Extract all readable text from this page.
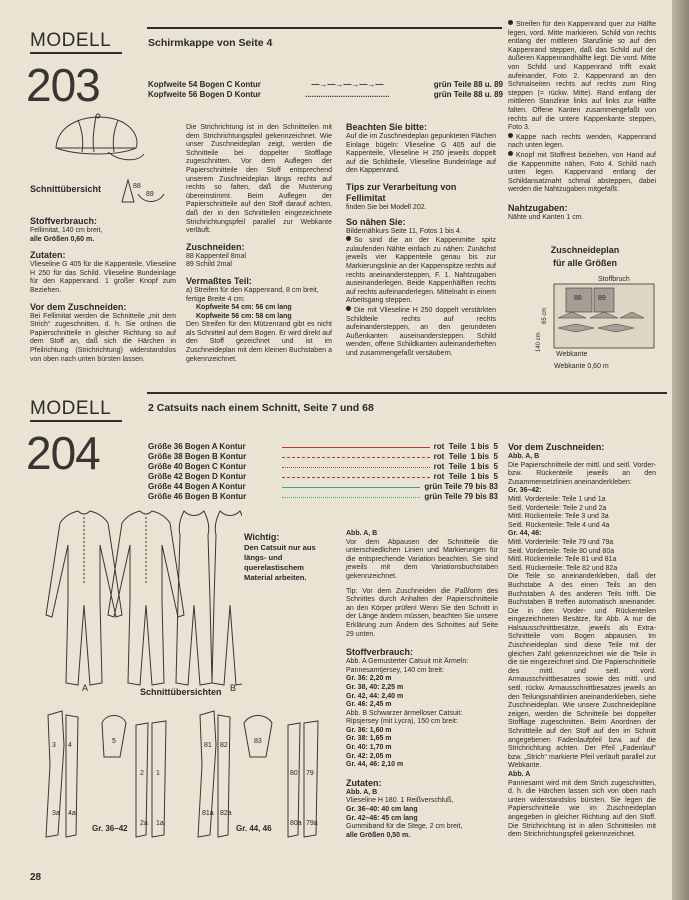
MODELL
203
Schirmkappe von Seite 4
Kopfweite 54 Bogen C Kontur	—→—→—→—→—	grün Teile 88 u. 89
Kopfweite 56 Bogen D Kontur	......................................	grün Teile 88 u. 89
Schnittübersicht	88
89
Stoffverbrauch:
Fellimitat, 140 cm breit,
alle Größen 0,60 m.
Zutaten:
Vlieseline G 405 für die Kappenteile, Vlieseline H 250 für das Schild. Vlieseline Bundeinlage für den Kappenrand. 1 großer Knopf zum Beziehen.
Vor dem Zuschneiden:
Bei Fellimitat werden die Schnitteile „mit dem Strich“ zugeschnitten, d. h. Sie ordnen die Papierschnitteile in gleicher Richtung so auf dem Stoff an, daß sich die Härchen in Pfeilrichtung (Strichrichtung) widerstandslos von oben nach unten bürsten lassen.
Die Strichrichtung ist in den Schnitteilen mit dem Strichrichtungspfeil gekennzeichnet. Wie unser Zuschneideplan zeigt, werden die Schnitteile bei doppelter Stofflage zugeschnitten. Vor dem Auflegen der Papierschnitteile den Stoff entsprechend unserem Zuschneideplan längs rechts auf rechts so falten, daß die Musterung übereinstimmt. Beim Auflegen der Papierschnitteile auf den Stoff darauf achten, daß der in den Schnitteilen eingezeichnete Strichrichtungspfeil parallel zur Webkante verläuft.
Zuschneiden:
88 Kappenteil 8mal
89 Schild 2mal
Vermaßtes Teil:
a) Streifen für den Kappenrand, 8 cm breit, fertige Breite 4 cm:
Kopfweite 54 cm: 56 cm lang
Kopfweite 56 cm: 58 cm lang
Den Streifen für den Mützenrand gibt es nicht als Schnitteil auf dem Bogen. Er wird direkt auf den Stoff gezeichnet und ist im Zuschneideplan mit dem kleinen Buchstaben a gekennzeichnet.
Beachten Sie bitte:
Auf die im Zuschneideplan gepunkteten Flächen Einlage bügeln: Vlieseline G 405 auf die Kappenteile, Vlieseline H 250 jeweils doppelt auf die Schildteile, Vlieseline Bundeinlage auf den Kappenrand.
Tips zur Verarbeitung von Fellimitat
finden Sie bei Modell 202.
So nähen Sie:
Bildernähkurs Seite 11, Fotos 1 bis 4.
So sind die an der Kappenmitte spitz zulaufenden Nähte einfach zu nähen: Zunächst jeweils vier Kappenteile genau bis zur Markierungslinie an der Kappenspitze rechts auf rechts aneinandersteppen, F. 1. Nahtzugaben auseinanderlegen. Beide Kappenhälften rechts auf rechts aufeinanderlegen. Mittelnaht in einem Arbeitsgang steppen.
Die mit Vlieseline H 250 doppelt verstärkten Schildteile rechts auf rechts aufeinandersteppen, an den gerundeten Außenkanten auseinandersteppen. Schild wenden, offene Schildkanten aufeinanderheften und zusammengefaßt versäubern.
Streifen für den Kappenrand quer zur Hälfte legen, vord. Mitte markieren. Schild von rechts entlang der mittleren Stanzlinie so auf den Kappenrand steppen, daß das Schild auf der äußeren Kappenrandhälfte liegt. Die vord. Mitte von Schild und Kappenrand trifft exakt aufeinander, Foto 2. Kappenrand an den Schmalseiten rechts auf rechts zum Ring steppen (= rückw. Mitte). Rand entlang der mittleren Stanzlinie links auf links zur Hälfte falten. Offene Kanten zusammengefaßt von rechts auf die untere Kappenkante steppen, Foto 3.
Kappe nach rechts wenden, Kappenrand nach unten legen.
Knopf mit Stoffrest beziehen, von Hand auf die Kappenmitte nähen, Foto 4. Schild nach unten legen. Kappenrand entlang der Schildansatznaht schmal absteppen, dabei werden die Nahtzugaben mitgefaßt.
Nahtzugaben:
Nähte und Kanten 1 cm.
Zuschneideplan
für alle Größen
Stoffbruch
88 89
Webkante
Webkante 0,60 m
65 cm
140 cm
MODELL
204
2 Catsuits nach einem Schnitt, Seite 7 und 68
Größe 36 Bogen A Kontur	rot  Teile  1 bis  5
Größe 38 Bogen B Kontur	rot  Teile  1 bis  5
Größe 40 Bogen C Kontur	rot  Teile  1 bis  5
Größe 42 Bogen D Kontur	rot  Teile  1 bis  5
Größe 44 Bogen A Kontur	grün Teile 79 bis 83
Größe 46 Bogen B Kontur	grün Teile 79 bis 83
A	B
Wichtig:
Den Catsuit nur aus längs- und querelastischem Material arbeiten.
Schnittübersichten
3 4
5
2 1
3a 4a
2a 1a
81 82
83
80 79
81a 82a
80a 79a
Gr. 36–42	Gr. 44, 46
Abb. A, B
Vor dem Abpausen der Schnitteile die unterschiedlichen Linien und Markierungen für die entsprechende Variation beachten. Sie sind jeweils mit dem Variationsbuchstaben gekennzeichnet.
Tip: Vor dem Zuschneiden die Paßform des Schnittes durch Anhalten der Papierschnitteile an den Körper prüfen! Wenn Sie den Schnitt in der Länge ändern müssen, beachten Sie unsere Erklärung zum Ändern des Schnittes auf Seite 29 unten.
Stoffverbrauch:
Abb. A Gemusterter Catsuit mit Ärmeln:
Pannesamtjersey, 140 cm breit:
Gr. 36: 2,20 m
Gr. 38, 40: 2,25 m
Gr. 42, 44: 2,40 m
Gr. 46: 2,45 m
Abb. B Schwarzer ärmelloser Catsuit:
Ripsjersey (mit Lycra), 150 cm breit:
Gr. 36: 1,60 m
Gr. 38: 1,65 m
Gr. 40: 1,70 m
Gr. 42: 2,05 m
Gr. 44, 46: 2,10 m
Zutaten:
Abb. A, B
Vlieseline H 180. 1 Reißverschluß,
Gr. 36–40: 40 cm lang
Gr. 42–46: 45 cm lang
Gummiband für die Stege, 2 cm breit,
alle Größen 0,50 m.
Vor dem Zuschneiden:
Abb. A, B
Die Papierschnitteile der mittl. und seitl. Vorder- bzw. Rückenteile jeweils an den Zusammensetzlinien aneinanderkleben:
Gr. 36–42:
Mittl. Vorderteile: Teile 1 und 1a
Seitl. Vorderteile: Teile 2 und 2a
Mittl. Rückenteile: Teile 3 und 3a
Seitl. Rückenteile: Teile 4 und 4a
Gr. 44, 46:
Mittl. Vorderteile: Teile 79 und 79a
Seitl. Vorderteile: Teile 80 und 80a
Mittl. Rückenteile: Teile 81 und 81a
Seitl. Rückenteile: Teile 82 und 82a
Die Teile so aneinanderkleben, daß der Buchstabe A des einen Teils an den Buchstaben A des anderen Teils trifft. Die Buchstaben B treffen automatisch aneinander. Die in den Vorder- und Rückenteilen eingezeichneten Besätze, für Abb. A nur die Halsausschnittbesätze, jeweils als Extra-Schnitteile vom Bogen abpausen. Im Zuschneideplan sind diese Teile mit der gleichen Zahl gekennzeichnet wie die Teile in die sie eingezeichnet sind. Die Papierschnitteile des mittl. und seitl. vord. Armausschnittbesatzes sowie des mittl. und seitl. rückw. Armausschnittbesatzes jeweils an den Teilungsnahtlinien aneinanderkleben, siehe Zuschneideplan. Wie unsere Zuschneidepläne zeigen, werden die Schnitteile bei doppelter Stofflage zugeschnitten. Beim Anordnen der Schnittteile auf den Stoff auf den im Schnitt angegebenen Fadenlaufpfeil bzw. auf die Strichrichtung achten. Der Pfeil „Fadenlauf“ bzw. „Strich“ markierte Pfeil verläuft parallel zur Webkante.
Abb. A
Pannesamt wird mit dem Strich zugeschnitten, d. h. die Härchen lassen sich von oben nach unten widerstandslos bürsten. Sie legen die Papierschnitteile wie im Zuschneideplan angegeben in gleicher Richtung auf den Stoff. Die Strichrichtung ist in allen Schnitteilen mit dem Strichrichtungspfeil gekennzeichnet.
28
